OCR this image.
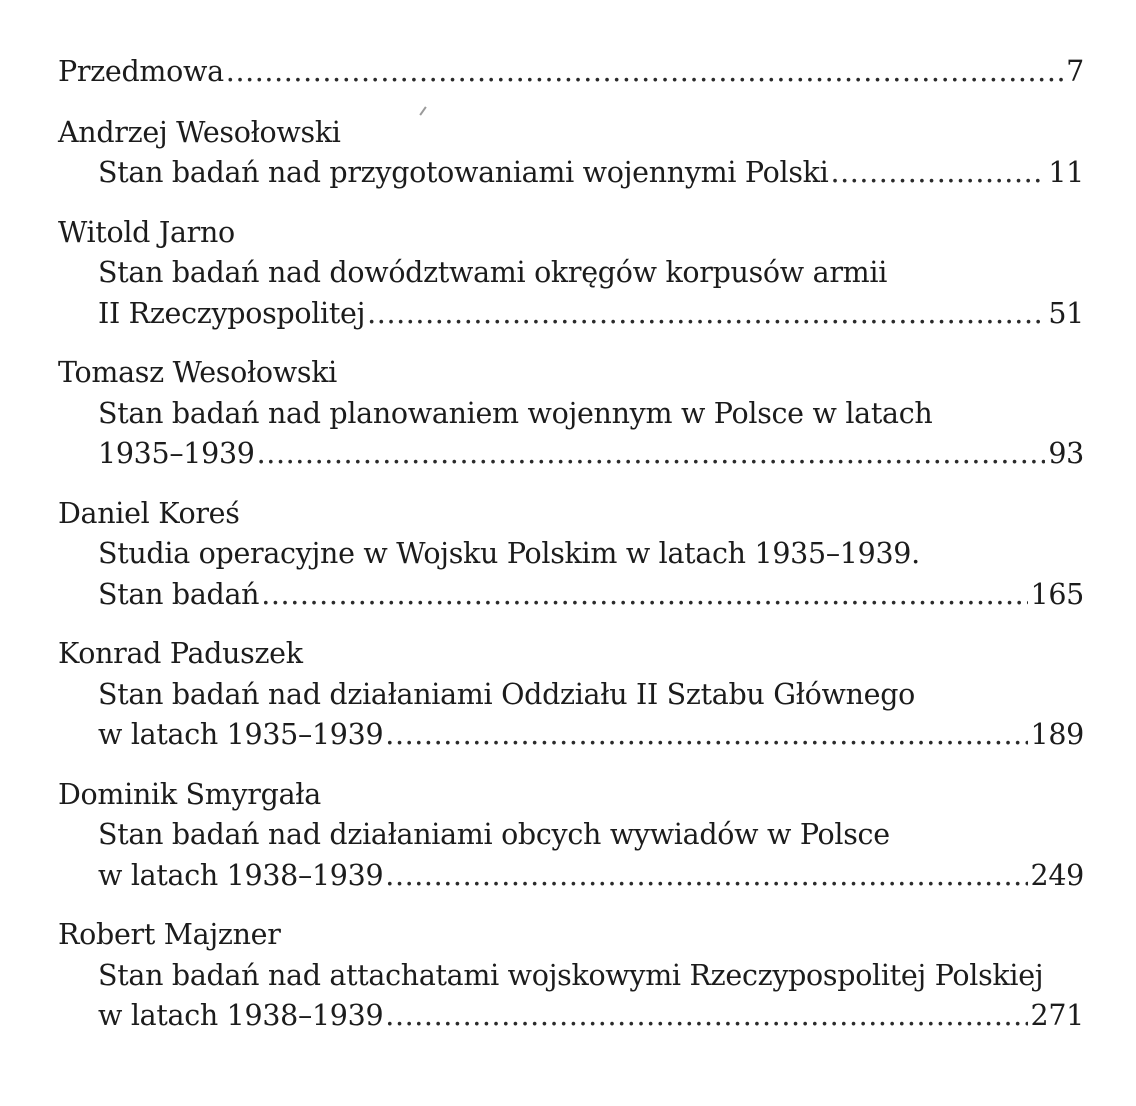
Przedmowa .....	7
Andrzej Wesołowski
Stan badań nad przygotowaniami wojennymi Polski .....	11
Witold Jarno
Stan badań nad dowództwami okręgów korpusów armii
II Rzeczypospolitej .....	51
Tomasz Wesołowski
Stan badań nad planowaniem wojennym w Polsce w latach
1935–1939 .....	93
Daniel Koreś
Studia operacyjne w Wojsku Polskim w latach 1935–1939.
Stan badań .....	165
Konrad Paduszek
Stan badań nad działaniami Oddziału II Sztabu Głównego
w latach 1935–1939 .....	189
Dominik Smyrgała
Stan badań nad działaniami obcych wywiadów w Polsce
w latach 1938–1939 .....	249
Robert Majzner
Stan badań nad attachatami wojskowymi Rzeczypospolitej Polskiej
w latach 1938–1939 .....	271
